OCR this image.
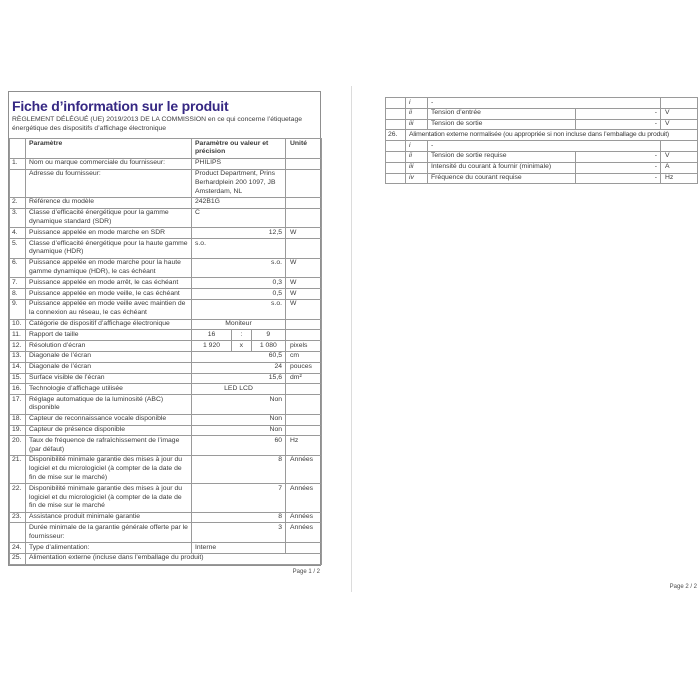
Fiche d’information sur le produit
RÈGLEMENT DÉLÉGUÉ (UE) 2019/2013 DE LA COMMISSION en ce qui concerne l’étiquetage énergétique des dispositifs d’affichage électronique
	Paramètre	Paramètre ou valeur et précision	Unité
1.	Nom ou marque commerciale du fournisseur:	PHILIPS	
	Adresse du fournisseur:	Product Department, Prins Berhardplein 200 1097, JB Amsterdam, NL	
2.	Référence du modèle	242B1G	
3.	Classe d’efficacité énergétique pour la gamme dynamique standard (SDR)	C	
4.	Puissance appelée en mode marche en SDR	12,5	W
5.	Classe d’efficacité énergétique pour la haute gamme dynamique (HDR)	s.o.	
6.	Puissance appelée en mode marche pour la haute gamme dynamique (HDR), le cas échéant	s.o.	W
7.	Puissance appelée en mode arrêt, le cas échéant	0,3	W
8.	Puissance appelée en mode veille, le cas échéant	0,5	W
9.	Puissance appelée en mode veille avec maintien de la connexion au réseau, le cas échéant	s.o.	W
10.	Catégorie de dispositif d’affichage électronique	Moniteur	
11.	Rapport de taille	16 : 9	

12.	Résolution d’écran	1 920 x 1 080	pixels
13.	Diagonale de l’écran	60,5	cm
14.	Diagonale de l’écran	24	pouces
15.	Surface visible de l’écran	15,6	dm²
16.	Technologie d’affichage utilisée	LED LCD	
17.	Réglage automatique de la luminosité (ABC) disponible	Non	
18.	Capteur de reconnaissance vocale disponible	Non	
19.	Capteur de présence disponible	Non	
20.	Taux de fréquence de rafraîchissement de l’image (par défaut)	60	Hz
21.	Disponibilité minimale garantie des mises à jour du logiciel et du micrologiciel (à compter de la date de fin de mise sur le marché)	8	Années
22.	Disponibilité minimale garantie des mises à jour du logiciel et du micrologiciel (à compter de la date de fin de mise sur le marché	7	Années
23.	Assistance produit minimale garantie	8	Années
	Durée minimale de la garantie générale offerte par le fournisseur:	3	Années
24.	Type d’alimentation:	Interne	
25.	Alimentation externe (incluse dans l’emballage du produit)		
Page 1 / 2
	i	-		
	ii	Tension d’entrée	-	V
	iii	Tension de sortie	-	V
26.	Alimentation externe normalisée (ou appropriée si non incluse dans l’emballage du produit)			
	i	-		
	ii	Tension de sortie requise	-	V
	iii	Intensité du courant à fournir (minimale)	-	A
	iv	Fréquence du courant requise	-	Hz
Page 2 / 2
